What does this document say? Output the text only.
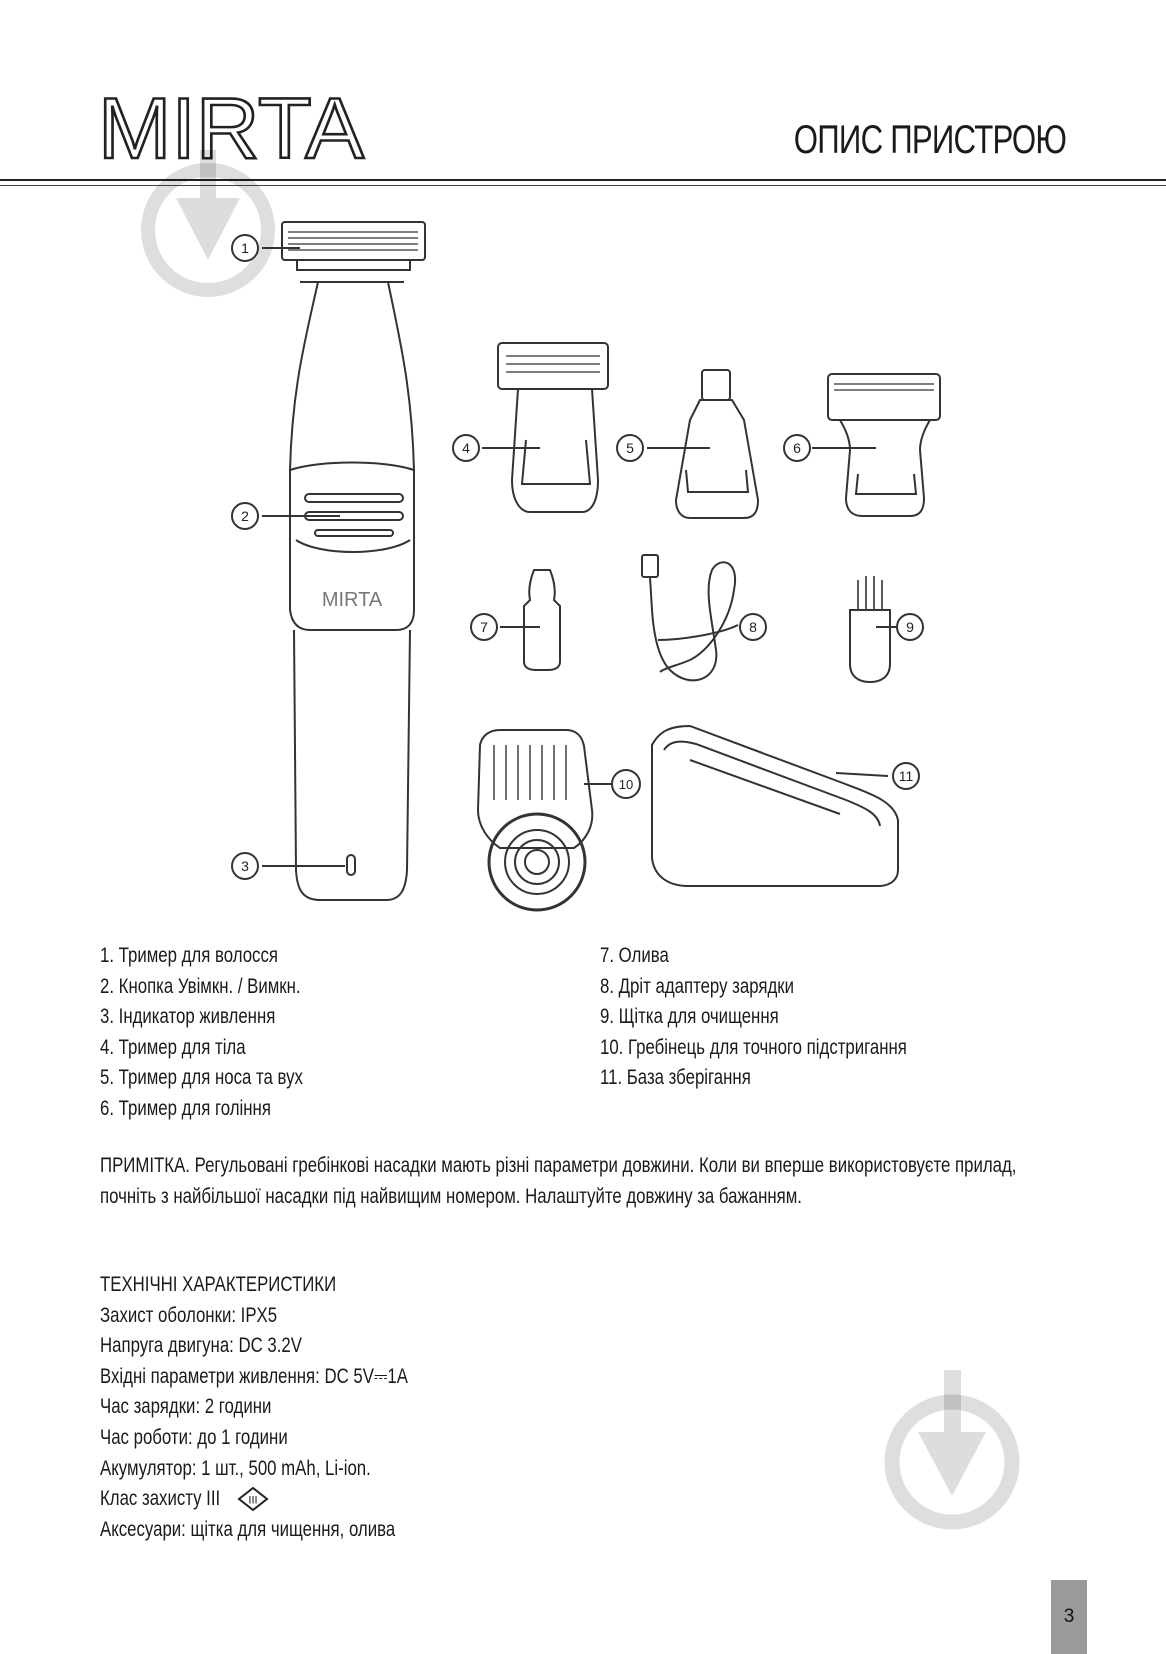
MIRTA	ОПИС ПРИСТРОЮ
MIRTA
1
2
3
4	5	6
7	8	9
10
11
1. Тример для волосся
2. Кнопка Увімкн. / Вимкн.
3. Індикатор живлення
4. Тример для тіла
5. Тример для носа та вух
6. Тример для гоління
7. Олива
8. Дріт адаптеру зарядки
9. Щітка для очищення
10. Гребінець для точного підстригання
11. База зберігання
ПРИМІТКА. Регульовані гребінкові насадки мають різні параметри довжини. Коли ви вперше використовуєте прилад,
почніть з найбільшої насадки під найвищим номером. Налаштуйте довжину за бажанням.
ТЕХНІЧНІ ХАРАКТЕРИСТИКИ
Захист оболонки: IPX5
Напруга двигуна: DC 3.2V
Вхідні параметри живлення: DC 5V⎓1A
Час зарядки: 2 години
Час роботи: до 1 години
Акумулятор: 1 шт., 500 mAh, Li-ion.
Клас захисту III	III
Аксесуари: щітка для чищення, олива
3
